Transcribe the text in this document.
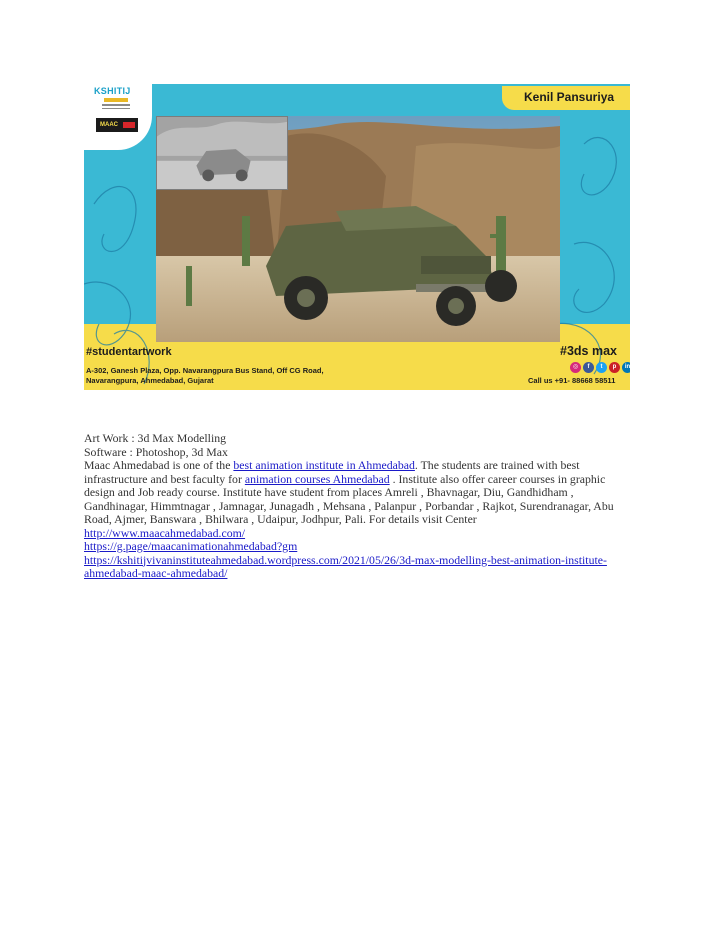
KSHITIJ
MAAC
Kenil Pansuriya
#studentartwork	#3ds max
A-302, Ganesh Plaza, Opp. Navarangpura Bus Stand, Off CG Road,
Navarangpura, Ahmedabad, Gujarat
◎	f	t	p	in
Call us +91- 88668 58511

Art Work : 3d Max Modelling

Software : Photoshop, 3d Max

Maac Ahmedabad is one of the best animation institute in Ahmedabad. The students are trained with best infrastructure and best faculty for animation courses Ahmedabad . Institute also offer career courses in graphic design and Job ready course. Institute have student from places Amreli , Bhavnagar, Diu, Gandhidham , Gandhinagar, Himmtnagar , Jamnagar, Junagadh , Mehsana , Palanpur , Porbandar , Rajkot, Surendranagar, Abu Road, Ajmer, Banswara , Bhilwara , Udaipur, Jodhpur, Pali. For details visit Center

http://www.maacahmedabad.com/

https://g.page/maacanimationahmedabad?gm

https://kshitijvivaninstituteahmedabad.wordpress.com/2021/05/26/3d-max-modelling-best-animation-institute-ahmedabad-maac-ahmedabad/
